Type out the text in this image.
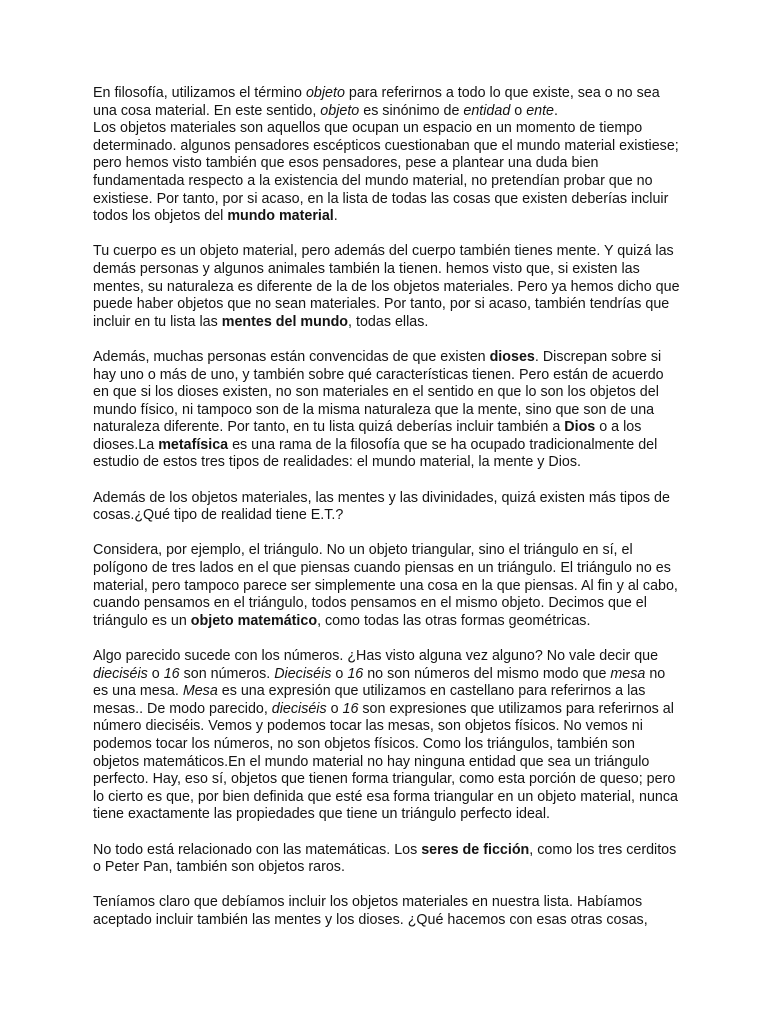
En filosofía, utilizamos el término objeto para referirnos a todo lo que existe, sea o no sea
una cosa material. En este sentido, objeto es sinónimo de entidad o ente.
Los objetos materiales son aquellos que ocupan un espacio en un momento de tiempo
determinado. algunos pensadores escépticos cuestionaban que el mundo material existiese;
pero hemos visto también que esos pensadores, pese a plantear una duda bien
fundamentada respecto a la existencia del mundo material, no pretendían probar que no
existiese. Por tanto, por si acaso, en la lista de todas las cosas que existen deberías incluir
todos los objetos del mundo material.

Tu cuerpo es un objeto material, pero además del cuerpo también tienes mente. Y quizá las
demás personas y algunos animales también la tienen. hemos visto que, si existen las
mentes, su naturaleza es diferente de la de los objetos materiales. Pero ya hemos dicho que
puede haber objetos que no sean materiales. Por tanto, por si acaso, también tendrías que
incluir en tu lista las mentes del mundo, todas ellas.

Además, muchas personas están convencidas de que existen dioses. Discrepan sobre si
hay uno o más de uno, y también sobre qué características tienen. Pero están de acuerdo
en que si los dioses existen, no son materiales en el sentido en que lo son los objetos del
mundo físico, ni tampoco son de la misma naturaleza que la mente, sino que son de una
naturaleza diferente. Por tanto, en tu lista quizá deberías incluir también a Dios o a los
dioses.La metafísica es una rama de la filosofía que se ha ocupado tradicionalmente del
estudio de estos tres tipos de realidades: el mundo material, la mente y Dios.

Además de los objetos materiales, las mentes y las divinidades, quizá existen más tipos de
cosas.¿Qué tipo de realidad tiene E.T.?

Considera, por ejemplo, el triángulo. No un objeto triangular, sino el triángulo en sí, el
polígono de tres lados en el que piensas cuando piensas en un triángulo. El triángulo no es
material, pero tampoco parece ser simplemente una cosa en la que piensas. Al fin y al cabo,
cuando pensamos en el triángulo, todos pensamos en el mismo objeto. Decimos que el
triángulo es un objeto matemático, como todas las otras formas geométricas.

Algo parecido sucede con los números. ¿Has visto alguna vez alguno? No vale decir que
dieciséis o 16 son números. Dieciséis o 16 no son números del mismo modo que mesa no
es una mesa. Mesa es una expresión que utilizamos en castellano para referirnos a las
mesas.. De modo parecido, dieciséis o 16 son expresiones que utilizamos para referirnos al
número dieciséis. Vemos y podemos tocar las mesas, son objetos físicos. No vemos ni
podemos tocar los números, no son objetos físicos. Como los triángulos, también son
objetos matemáticos.En el mundo material no hay ninguna entidad que sea un triángulo
perfecto. Hay, eso sí, objetos que tienen forma triangular, como esta porción de queso; pero
lo cierto es que, por bien definida que esté esa forma triangular en un objeto material, nunca
tiene exactamente las propiedades que tiene un triángulo perfecto ideal.

No todo está relacionado con las matemáticas. Los seres de ficción, como los tres cerditos
o Peter Pan, también son objetos raros.

Teníamos claro que debíamos incluir los objetos materiales en nuestra lista. Habíamos
aceptado incluir también las mentes y los dioses. ¿Qué hacemos con esas otras cosas,
